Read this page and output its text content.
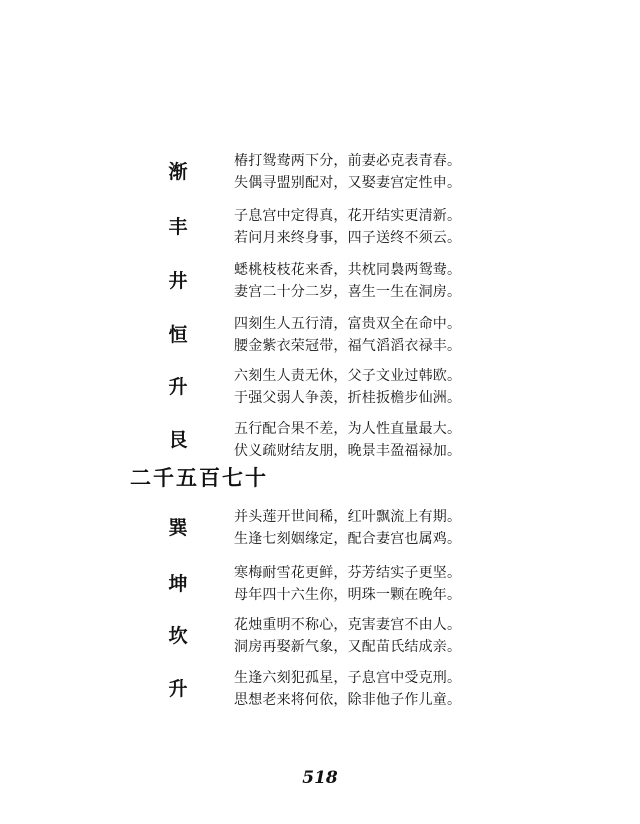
渐	椿打鸳鸯两下分，前妻必克表青春。
失偶寻盟别配对，又娶妻宫定性申。
丰	子息宫中定得真，花开结实更清新。
若问月来终身事，四子送终不须云。
井	蟋桃枝枝花来香，共枕同裊两鸳鸯。
妻宫二十分二岁，喜生一生在洞房。
恒	四刻生人五行清，富贵双全在命中。
腰金紫衣荣冠带，福气滔滔衣禄丰。
升	六刻生人责无休，父子文业过韩欧。
于强父弱人争羡，折桂扳檐步仙洲。
艮	五行配合果不差，为人性直量最大。
伏义疏财结友朋，晚景丰盈福禄加。
二千五百七十
巽	并头莲开世间稀，红叶飘流上有期。
生逢七刻姻缘定，配合妻宫也属鸡。
坤	寒梅耐雪花更鲜，芬芳结实子更坚。
母年四十六生你，明珠一颗在晚年。
坎	花烛重明不称心，克害妻宫不由人。
洞房再娶新气象，又配苗氏结成亲。
升	生逢六刻犯孤星，子息宫中受克刑。
思想老来将何依，除非他子作儿童。
518
